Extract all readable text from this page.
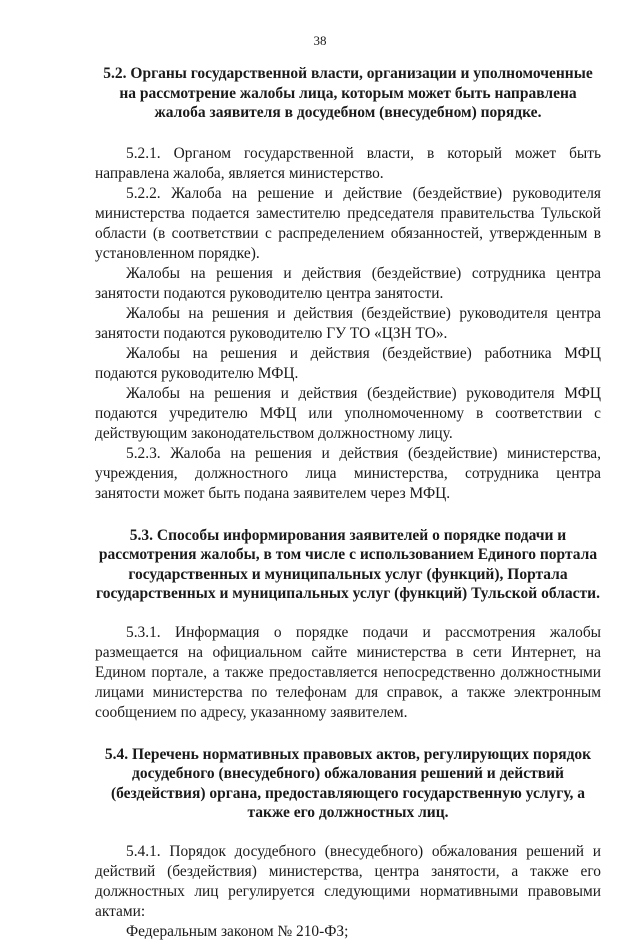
38
5.2. Органы государственной власти, организации и уполномоченные на рассмотрение жалобы лица, которым может быть направлена жалоба заявителя в досудебном (внесудебном) порядке.

5.2.1. Органом государственной власти, в который может быть направлена жалоба, является министерство.

5.2.2. Жалоба на решение и действие (бездействие) руководителя министерства подается заместителю председателя правительства Тульской области (в соответствии с распределением обязанностей, утвержденным в установленном порядке).

Жалобы на решения и действия (бездействие) сотрудника центра занятости подаются руководителю центра занятости.

Жалобы на решения и действия (бездействие) руководителя центра занятости подаются руководителю ГУ ТО «ЦЗН ТО».

Жалобы на решения и действия (бездействие) работника МФЦ подаются руководителю МФЦ.

Жалобы на решения и действия (бездействие) руководителя МФЦ подаются учредителю МФЦ или уполномоченному в соответствии с действующим законодательством должностному лицу.

5.2.3. Жалоба на решения и действия (бездействие) министерства, учреждения, должностного лица министерства, сотрудника центра занятости может быть подана заявителем через МФЦ.

5.3. Способы информирования заявителей о порядке подачи и рассмотрения жалобы, в том числе с использованием Единого портала государственных и муниципальных услуг (функций), Портала государственных и муниципальных услуг (функций) Тульской области.

5.3.1. Информация о порядке подачи и рассмотрения жалобы размещается на официальном сайте министерства в сети Интернет, на Едином портале, а также предоставляется непосредственно должностными лицами министерства по телефонам для справок, а также электронным сообщением по адресу, указанному заявителем.

5.4. Перечень нормативных правовых актов, регулирующих порядок досудебного (внесудебного) обжалования решений и действий (бездействия) органа, предоставляющего государственную услугу, а также его должностных лиц.

5.4.1. Порядок досудебного (внесудебного) обжалования решений и действий (бездействия) министерства, центра занятости, а также его должностных лиц регулируется следующими нормативными правовыми актами:

Федеральным законом № 210-ФЗ;
